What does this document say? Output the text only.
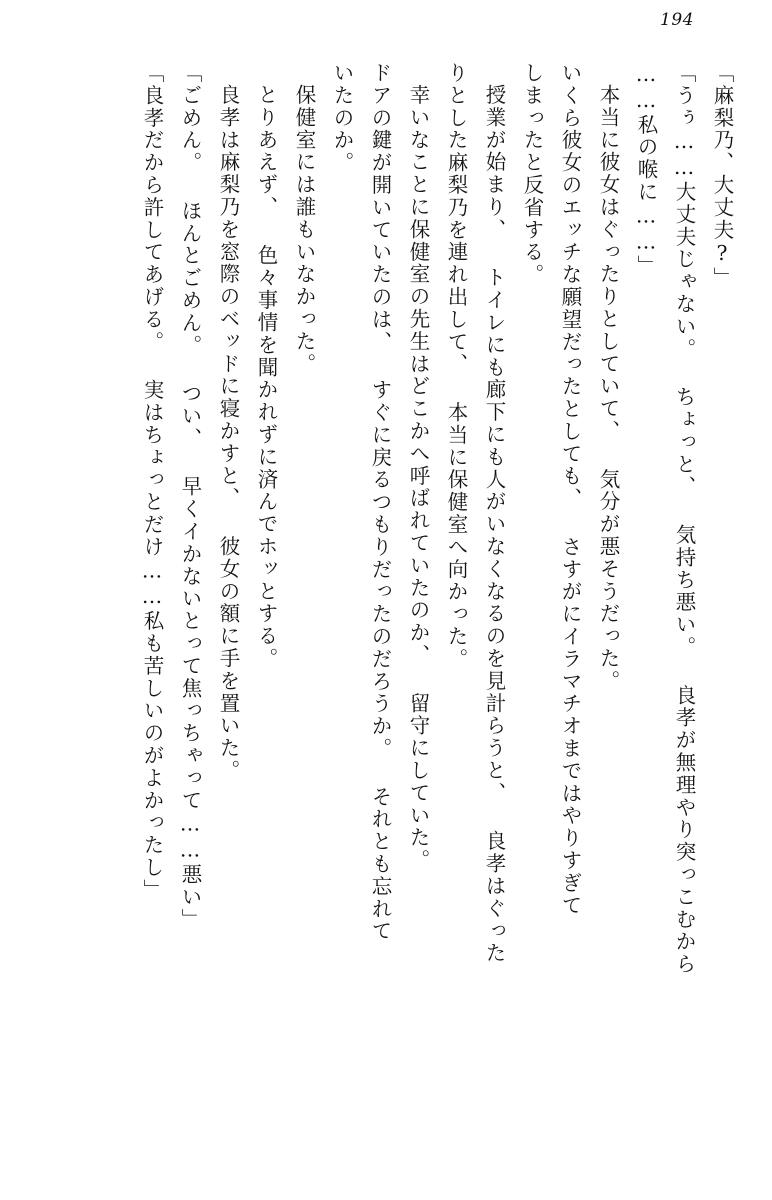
194
「麻梨乃、大丈夫?」
「うぅ……大丈夫じゃない。 ちょっと、 気持ち悪い。 良孝が無理やり突っこむから
……私の喉に……」
本当に彼女はぐったりとしていて、 気分が悪そうだった。
いくら彼女のエッチな願望だったとしても、 さすがにイラマチオまではやりすぎて
しまったと反省する。
授業が始まり、 トイレにも廊下にも人がいなくなるのを見計らうと、 良孝はぐった
りとした麻梨乃を連れ出して、 本当に保健室へ向かった。
幸いなことに保健室の先生はどこかへ呼ばれていたのか、 留守にしていた。
ドアの鍵が開いていたのは、 すぐに戻るつもりだったのだろうか。 それとも忘れて
いたのか。
保健室には誰もいなかった。
とりあえず、 色々事情を聞かれずに済んでホッとする。
良孝は麻梨乃を窓際のベッドに寝かすと、 彼女の額に手を置いた。
「ごめん。 ほんとごめん。 つい、 早くイかないとって焦っちゃって……悪い」
「良孝だから許してあげる。 実はちょっとだけ……私も苦しいのがよかったし」
